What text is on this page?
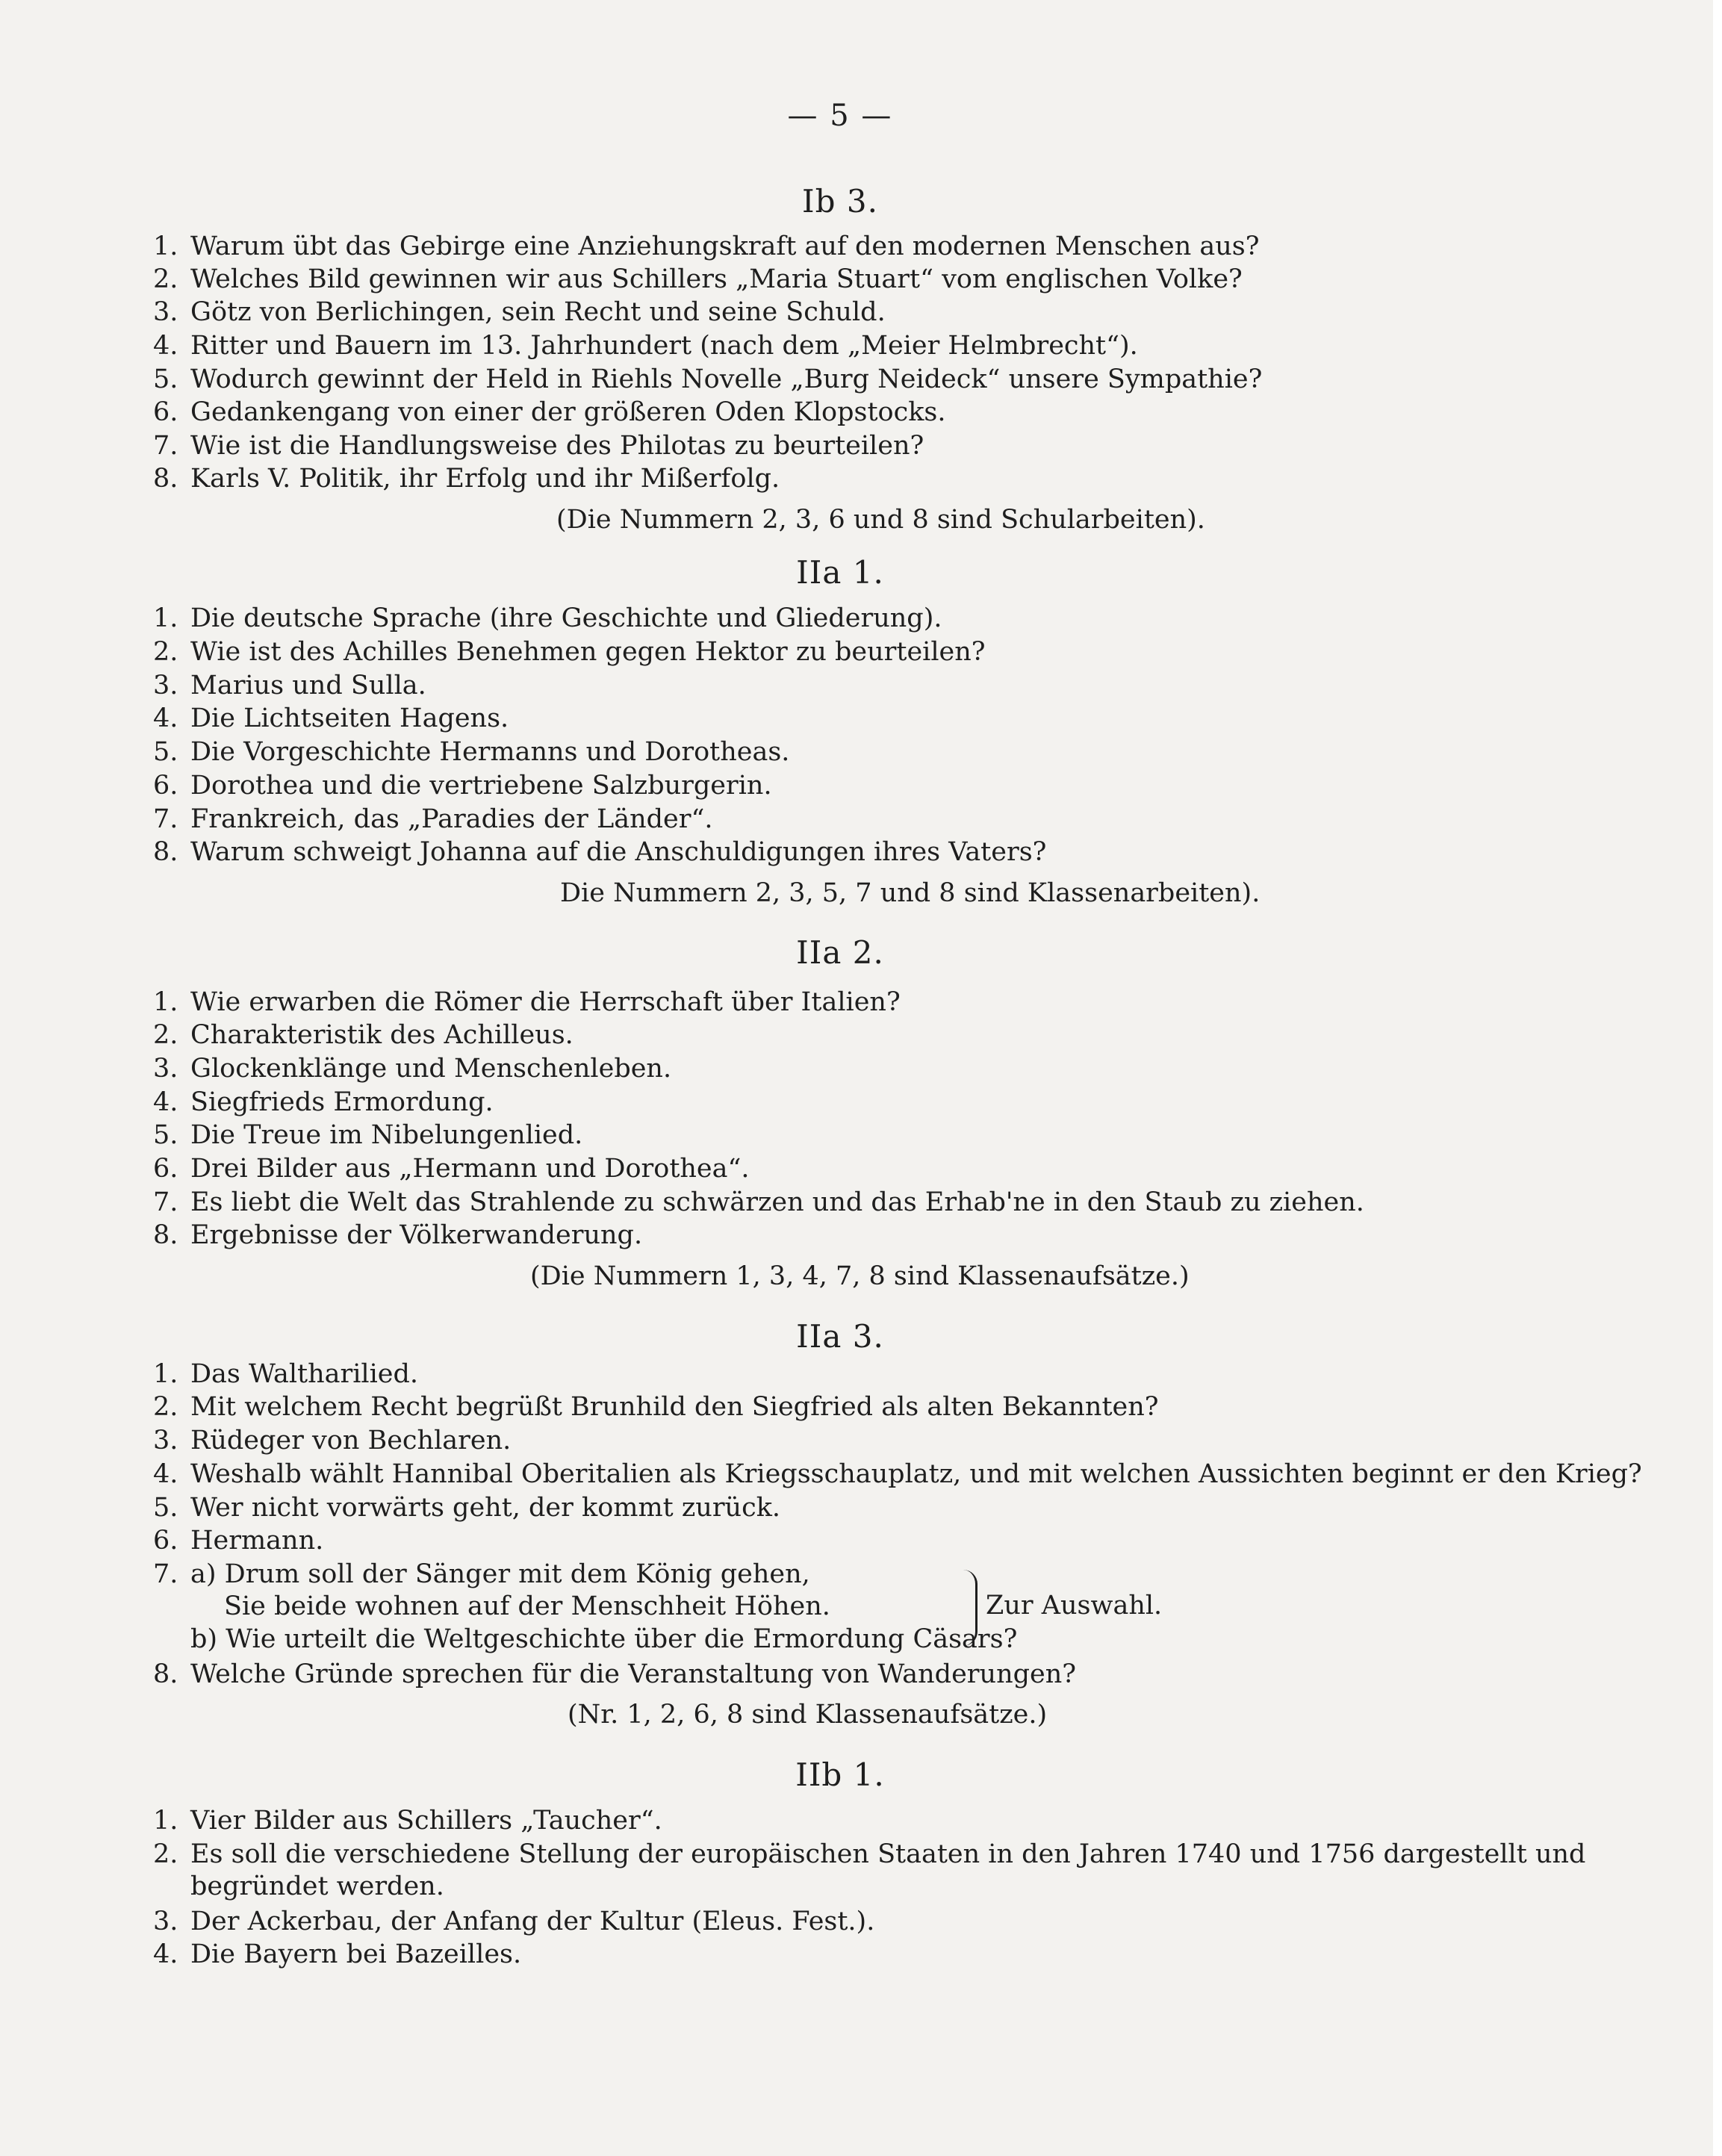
— 5 —
Ib 3.
1. Warum übt das Gebirge eine Anziehungskraft auf den modernen Menschen aus?
2. Welches Bild gewinnen wir aus Schillers „Maria Stuart“ vom englischen Volke?
3. Götz von Berlichingen, sein Recht und seine Schuld.
4. Ritter und Bauern im 13. Jahrhundert (nach dem „Meier Helmbrecht“).
5. Wodurch gewinnt der Held in Riehls Novelle „Burg Neideck“ unsere Sympathie?
6. Gedankengang von einer der größeren Oden Klopstocks.
7. Wie ist die Handlungsweise des Philotas zu beurteilen?
8. Karls V. Politik, ihr Erfolg und ihr Mißerfolg.
(Die Nummern 2, 3, 6 und 8 sind Schularbeiten).
IIa 1.
1. Die deutsche Sprache (ihre Geschichte und Gliederung).
2. Wie ist des Achilles Benehmen gegen Hektor zu beurteilen?
3. Marius und Sulla.
4. Die Lichtseiten Hagens.
5. Die Vorgeschichte Hermanns und Dorotheas.
6. Dorothea und die vertriebene Salzburgerin.
7. Frankreich, das „Paradies der Länder“.
8. Warum schweigt Johanna auf die Anschuldigungen ihres Vaters?
Die Nummern 2, 3, 5, 7 und 8 sind Klassenarbeiten).
IIa 2.
1. Wie erwarben die Römer die Herrschaft über Italien?
2. Charakteristik des Achilleus.
3. Glockenklänge und Menschenleben.
4. Siegfrieds Ermordung.
5. Die Treue im Nibelungenlied.
6. Drei Bilder aus „Hermann und Dorothea“.
7. Es liebt die Welt das Strahlende zu schwärzen und das Erhab'ne in den Staub zu ziehen.
8. Ergebnisse der Völkerwanderung.
(Die Nummern 1, 3, 4, 7, 8 sind Klassenaufsätze.)
IIa 3.
1. Das Waltharilied.
2. Mit welchem Recht begrüßt Brunhild den Siegfried als alten Bekannten?
3. Rüdeger von Bechlaren.
4. Weshalb wählt Hannibal Oberitalien als Kriegsschauplatz, und mit welchen Aussichten beginnt er den Krieg?
5. Wer nicht vorwärts geht, der kommt zurück.
6. Hermann.
7. a) Drum soll der Sänger mit dem König gehen,
Sie beide wohnen auf der Menschheit Höhen.
b) Wie urteilt die Weltgeschichte über die Ermordung Cäsars?
Zur Auswahl.
8. Welche Gründe sprechen für die Veranstaltung von Wanderungen?
(Nr. 1, 2, 6, 8 sind Klassenaufsätze.)
IIb 1.
1. Vier Bilder aus Schillers „Taucher“.
2. Es soll die verschiedene Stellung der europäischen Staaten in den Jahren 1740 und 1756 dargestellt und
begründet werden.
3. Der Ackerbau, der Anfang der Kultur (Eleus. Fest.).
4. Die Bayern bei Bazeilles.
